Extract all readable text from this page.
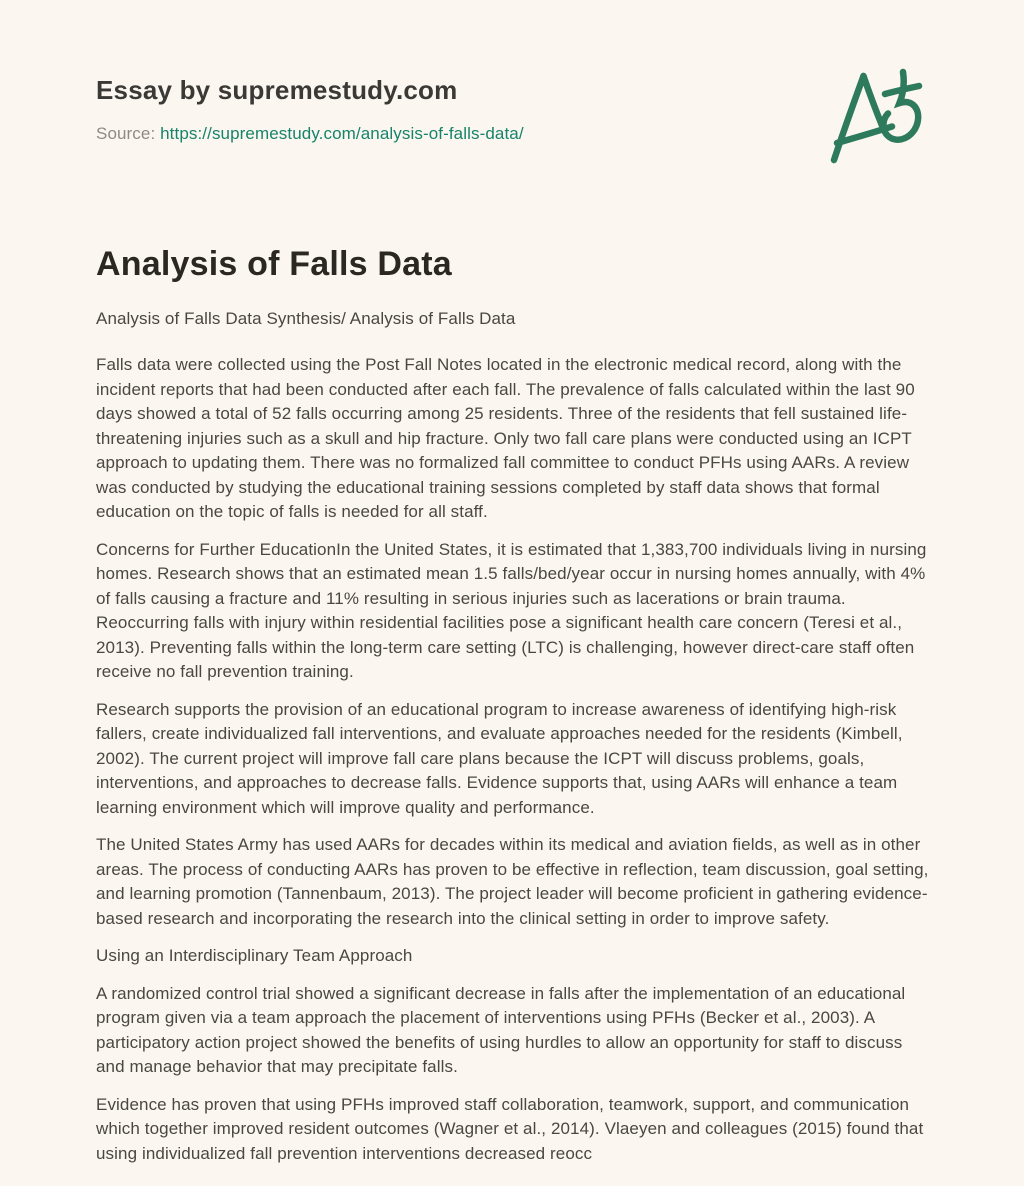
Essay by supremestudy.com

Source: https://supremestudy.com/analysis-of-falls-data/

Analysis of Falls Data

Analysis of Falls Data Synthesis/ Analysis of Falls Data

Falls data were collected using the Post Fall Notes located in the electronic medical record, along with the incident reports that had been conducted after each fall. The prevalence of falls calculated within the last 90 days showed a total of 52 falls occurring among 25 residents. Three of the residents that fell sustained life-threatening injuries such as a skull and hip fracture. Only two fall care plans were conducted using an ICPT approach to updating them. There was no formalized fall committee to conduct PFHs using AARs. A review was conducted by studying the educational training sessions completed by staff data shows that formal education on the topic of falls is needed for all staff.

Concerns for Further EducationIn the United States, it is estimated that 1,383,700 individuals living in nursing homes. Research shows that an estimated mean 1.5 falls/bed/year occur in nursing homes annually, with 4% of falls causing a fracture and 11% resulting in serious injuries such as lacerations or brain trauma. Reoccurring falls with injury within residential facilities pose a significant health care concern (Teresi et al., 2013). Preventing falls within the long-term care setting (LTC) is challenging, however direct-care staff often receive no fall prevention training.

Research supports the provision of an educational program to increase awareness of identifying high-risk fallers, create individualized fall interventions, and evaluate approaches needed for the residents (Kimbell, 2002). The current project will improve fall care plans because the ICPT will discuss problems, goals, interventions, and approaches to decrease falls. Evidence supports that, using AARs will enhance a team learning environment which will improve quality and performance.

The United States Army has used AARs for decades within its medical and aviation fields, as well as in other areas. The process of conducting AARs has proven to be effective in reflection, team discussion, goal setting, and learning promotion (Tannenbaum, 2013). The project leader will become proficient in gathering evidence- based research and incorporating the research into the clinical setting in order to improve safety.

Using an Interdisciplinary Team Approach

A randomized control trial showed a significant decrease in falls after the implementation of an educational program given via a team approach the placement of interventions using PFHs (Becker et al., 2003). A participatory action project showed the benefits of using hurdles to allow an opportunity for staff to discuss and manage behavior that may precipitate falls.

Evidence has proven that using PFHs improved staff collaboration, teamwork, support, and communication which together improved resident outcomes (Wagner et al., 2014). Vlaeyen and colleagues (2015) found that using individualized fall prevention interventions decreased reocc
